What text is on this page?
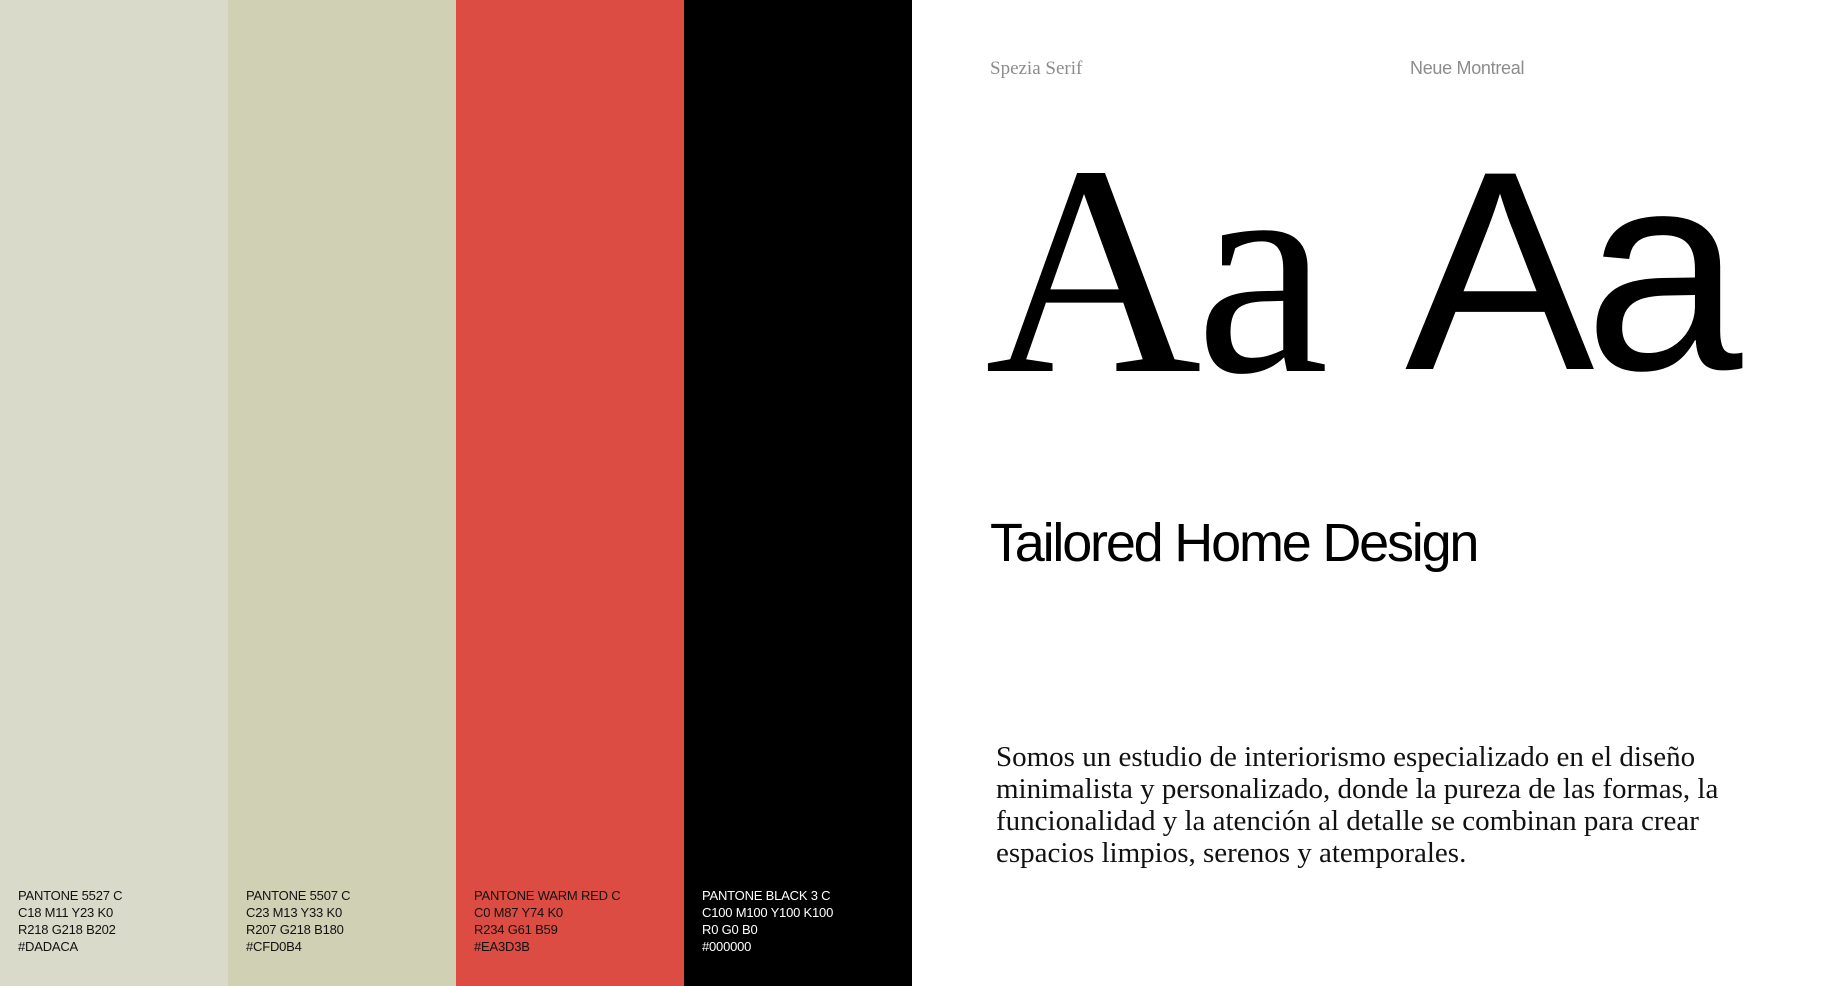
PANTONE 5527 C
C18 M11 Y23 K0
R218 G218 B202
#DADACA
PANTONE 5507 C
C23 M13 Y33 K0
R207 G218 B180
#CFD0B4
PANTONE WARM RED C
C0 M87 Y74 K0
R234 G61 B59
#EA3D3B
PANTONE BLACK 3 C
C100 M100 Y100 K100
R0 G0 B0
#000000
Spezia Serif	Neue Montreal
Aa Aa
Tailored Home Design
Somos un estudio de interiorismo especializado en el diseño minimalista y personalizado, donde la pureza de las formas, la funcionalidad y la atención al detalle se combinan para crear espacios limpios, serenos y atemporales.
